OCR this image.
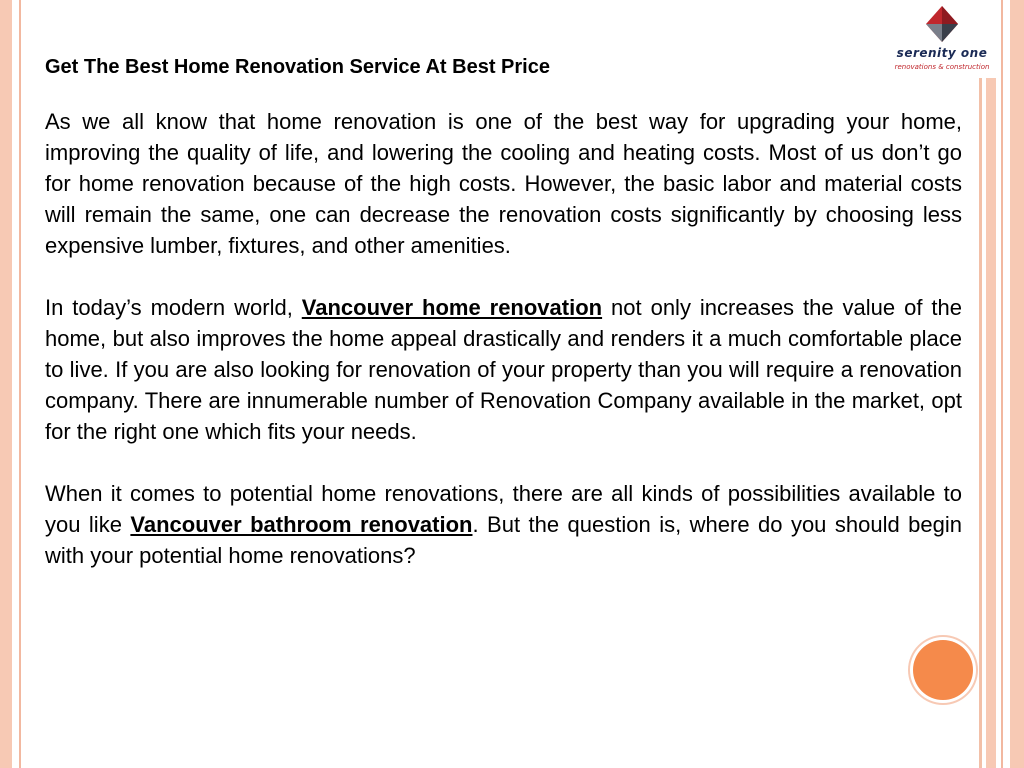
serenity one
renovations & construction
Get The Best Home Renovation Service At Best Price

As we all know that home renovation is one of the best way for upgrading your home, improving the quality of life, and lowering the cooling and heating costs. Most of us don’t go for home renovation because of the high costs. However, the basic labor and material costs will remain the same, one can decrease the renovation costs significantly by choosing less expensive lumber, fixtures, and other amenities.

In today’s modern world, Vancouver home renovation not only increases the value of the home, but also improves the home appeal drastically and renders it a much comfortable place to live. If you are also looking for renovation of your property than you will require a renovation company. There are innumerable number of Renovation Company available in the market, opt for the right one which fits your needs.

When it comes to potential home renovations, there are all kinds of possibilities available to you like Vancouver bathroom renovation. But the question is, where do you should begin with your potential home renovations?
